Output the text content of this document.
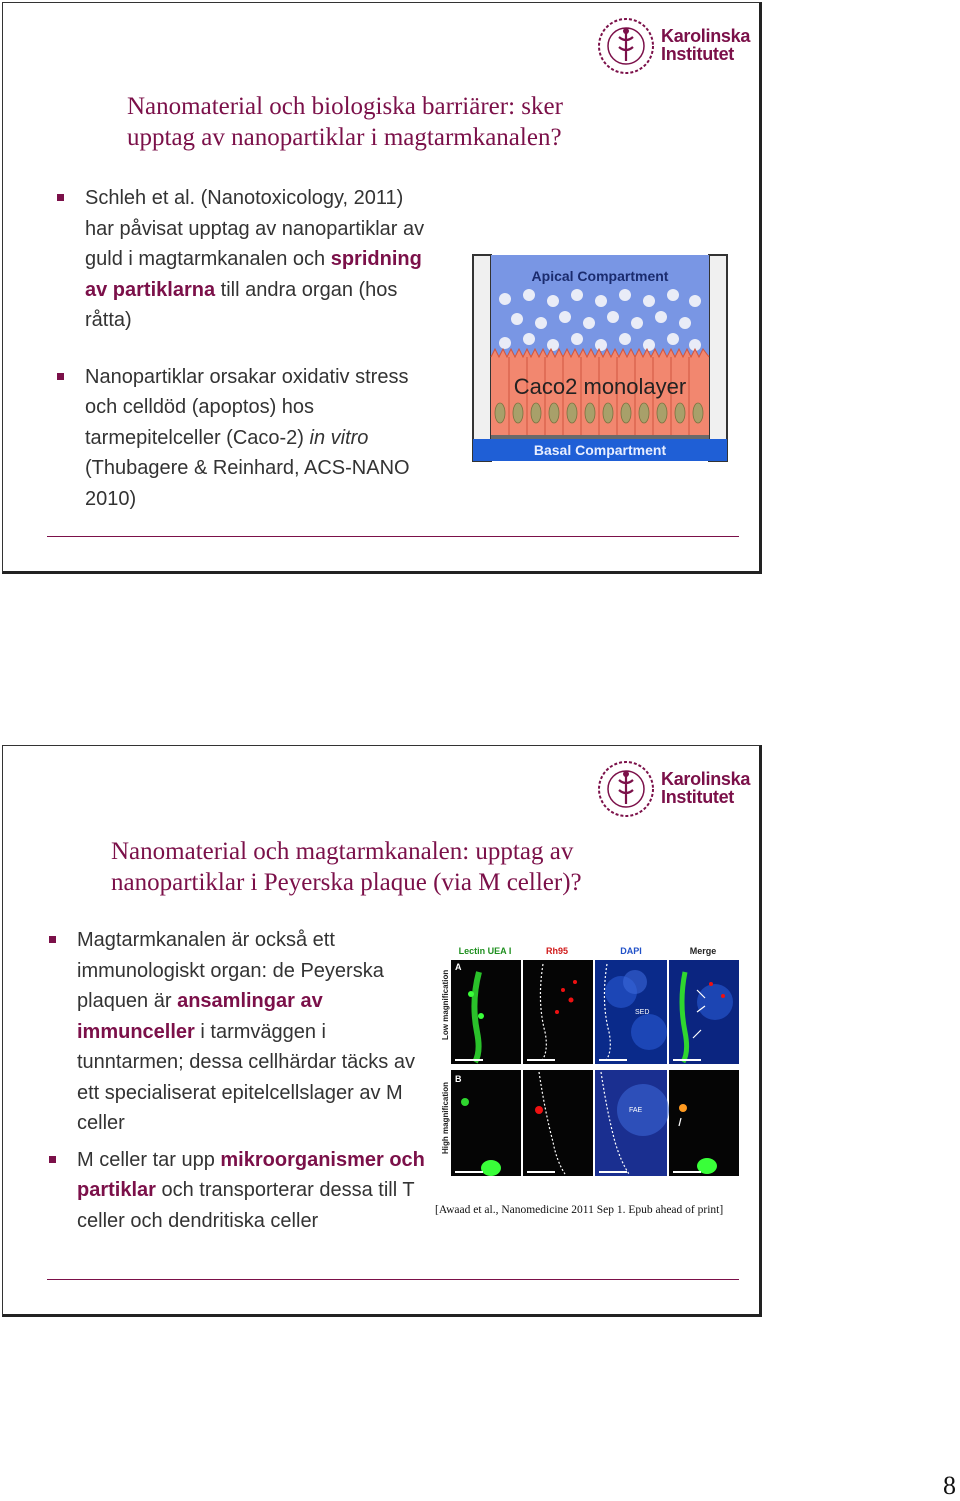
Karolinska
Institutet
Nanomaterial och biologiska barriärer: sker
upptag av nanopartiklar i magtarmkanalen?
Schleh et al. (Nanotoxicology, 2011) har påvisat upptag av nanopartiklar av guld i magtarmkanalen och spridning av partiklarna till andra organ (hos råtta)
Nanopartiklar orsakar oxidativ stress och celldöd (apoptos) hos tarmepitelceller (Caco-2) in vitro (Thubagere & Reinhard, ACS-NANO 2010)
Apical Compartment
Caco2 monolayer
Basal Compartment
Karolinska
Institutet
Nanomaterial och magtarmkanalen: upptag av
nanopartiklar i Peyerska plaque (via M celler)?
Magtarmkanalen är också ett immunologiskt organ: de Peyerska plaquen är ansamlingar av immunceller i tarmväggen i tunntarmen; dessa cellhärdar täcks av ett specialiserat epitelcellslager av M celler
M celler tar upp mikroorganismer och partiklar och transporterar dessa till T celler och dendritiska celler
Lectin UEA I	Rh95	DAPI	Merge
Low magnification
High magnification
SED
A
FAE
B
[Awaad et al., Nanomedicine 2011 Sep 1. Epub ahead of print]
8
